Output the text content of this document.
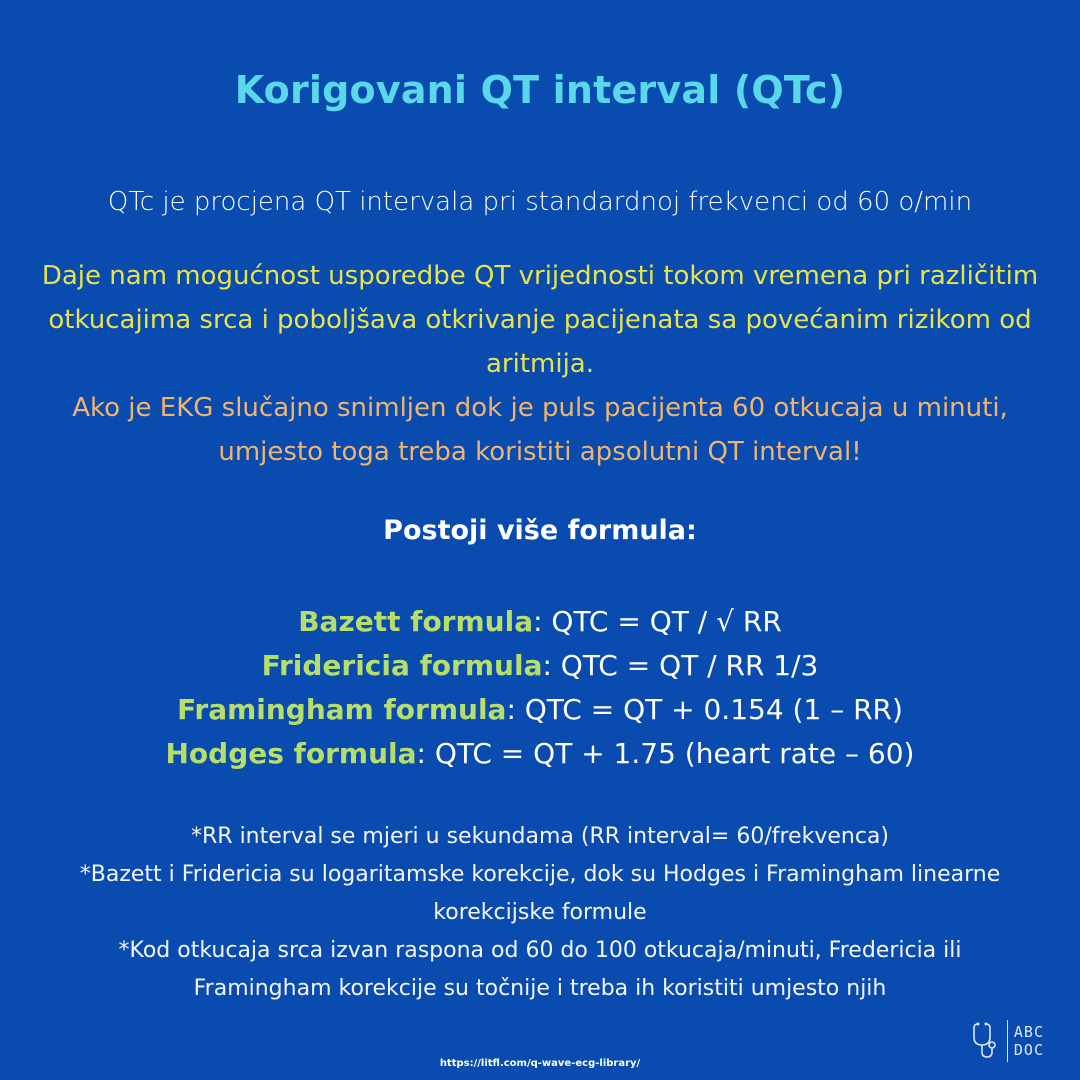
Korigovani QT interval (QTc)

QTc je procjena QT intervala pri standardnoj frekvenci od 60 o/min

Daje nam mogućnost usporedbe QT vrijednosti tokom vremena pri različitim otkucajima srca i poboljšava otkrivanje pacijenata sa povećanim rizikom od aritmija.
Ako je EKG slučajno snimljen dok je puls pacijenta 60 otkucaja u minuti, umjesto toga treba koristiti apsolutni QT interval!
Postoji više formula:
Bazett formula: QTC = QT / √ RR
Fridericia formula: QTC = QT / RR 1/3
Framingham formula: QTC = QT + 0.154 (1 – RR)
Hodges formula: QTC = QT + 1.75 (heart rate – 60)
*RR interval se mjeri u sekundama (RR interval= 60/frekvenca)
*Bazett i Fridericia su logaritamske korekcije, dok su Hodges i Framingham linearne korekcijske formule
*Kod otkucaja srca izvan raspona od 60 do 100 otkucaja/minuti, Fredericia ili Framingham korekcije su točnije i treba ih koristiti umjesto njih
https://litfl.com/q-wave-ecg-library/
ABC
DOC
